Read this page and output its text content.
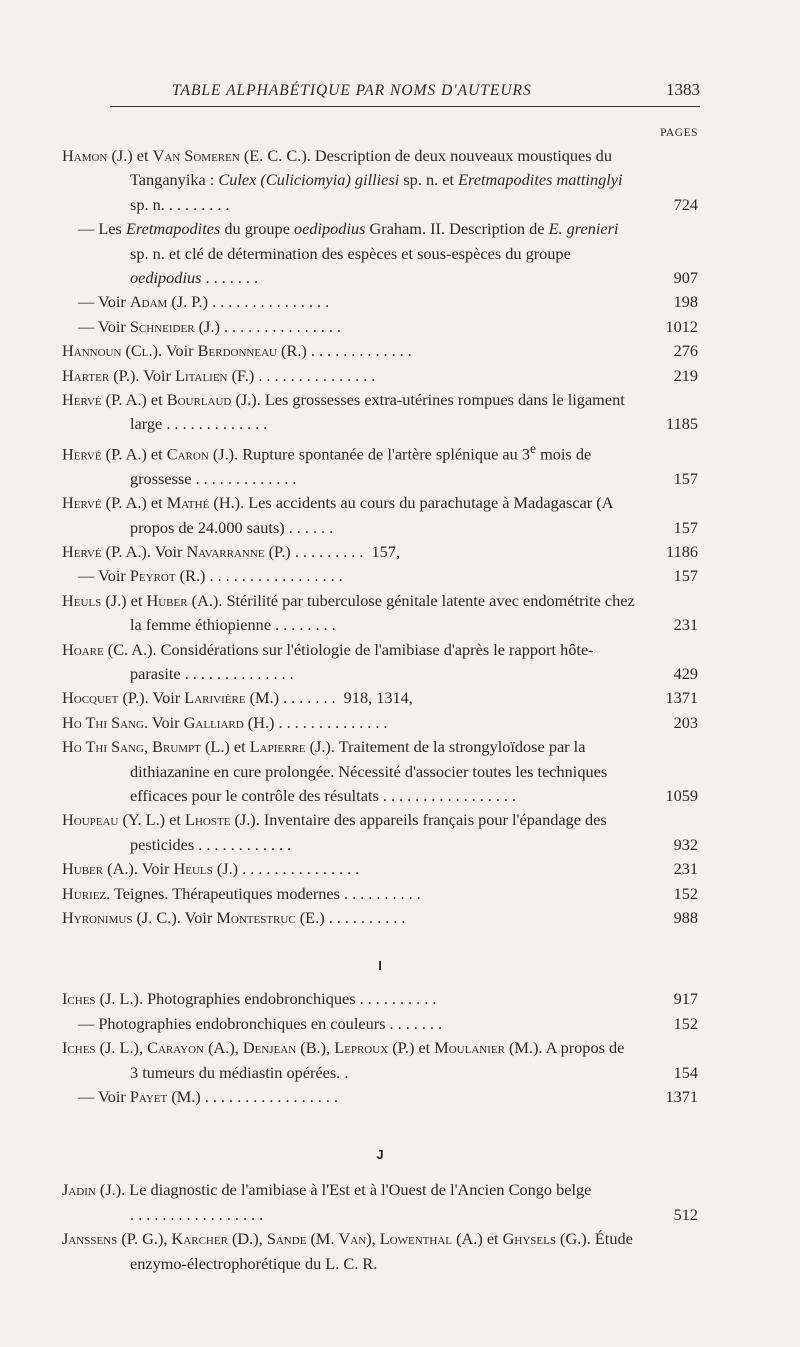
TABLE ALPHABÉTIQUE PAR NOMS D'AUTEURS	1383
PAGES
Hamon (J.) et Van Someren (E. C. C.). Description de deux nouveaux moustiques du Tanganyika : Culex (Culiciomyia) gilliesi sp. n. et Eretmapodites mattinglyi sp. n. ........	724
— Les Eretmapodites du groupe oedipodius Graham. II. Description de E. grenieri sp. n. et clé de détermination des espèces et sous-espèces du groupe oedipodius .......	907
— Voir Adam (J. P.) ...............	198
— Voir Schneider (J.) ...............	1012
Hannoun (Cl.). Voir Berdonneau (R.) .............	276
Harter (P.). Voir Litalien (F.) ...............	219
Hervé (P. A.) et Bourlaud (J.). Les grossesses extra-utérines rompues dans le ligament large .............	1185
Hervé (P. A.) et Caron (J.). Rupture spontanée de l'artère splénique au 3e mois de grossesse .............	157
Hervé (P. A.) et Mathé (H.). Les accidents au cours du parachutage à Madagascar (A propos de 24.000 sauts) ......	157
Hervé (P. A.). Voir Navarranne (P.) ......... 157,	1186
— Voir Peyrot (R.) .................	157
Heuls (J.) et Huber (A.). Stérilité par tuberculose génitale latente avec endométrite chez la femme éthiopienne ........	231
Hoare (C. A.). Considérations sur l'étiologie de l'amibiase d'après le rapport hôte-parasite ..............	429
Hocquet (P.). Voir Larivière (M.) ....... 918, 1314,	1371
Ho Thi Sang. Voir Galliard (H.) ..............	203
Ho Thi Sang, Brumpt (L.) et Lapierre (J.). Traitement de la strongyloïdose par la dithiazanine en cure prolongée. Nécessité d'associer toutes les techniques efficaces pour le contrôle des résultats .................	1059
Houpeau (Y. L.) et Lhoste (J.). Inventaire des appareils français pour l'épandage des pesticides ............	932
Huber (A.). Voir Heuls (J.) ...............	231
Huriez. Teignes. Thérapeutiques modernes ..........	152
Hyronimus (J. C.). Voir Montestruc (E.) ..........	988
I
Iches (J. L.). Photographies endobronchiques ..........	917
— Photographies endobronchiques en couleurs .......	152
Iches (J. L.), Carayon (A.), Denjean (B.), Leproux (P.) et Moulanier (M.). A propos de 3 tumeurs du médiastin opérées. .	154
— Voir Payet (M.) .................	1371
J
Jadin (J.). Le diagnostic de l'amibiase à l'Est et à l'Ouest de l'Ancien Congo belge .................	512
Janssens (P. G.), Karcher (D.), Sande (M. Van), Lowenthal (A.) et Ghysels (G.). Étude enzymo-électrophorétique du L. C. R.
